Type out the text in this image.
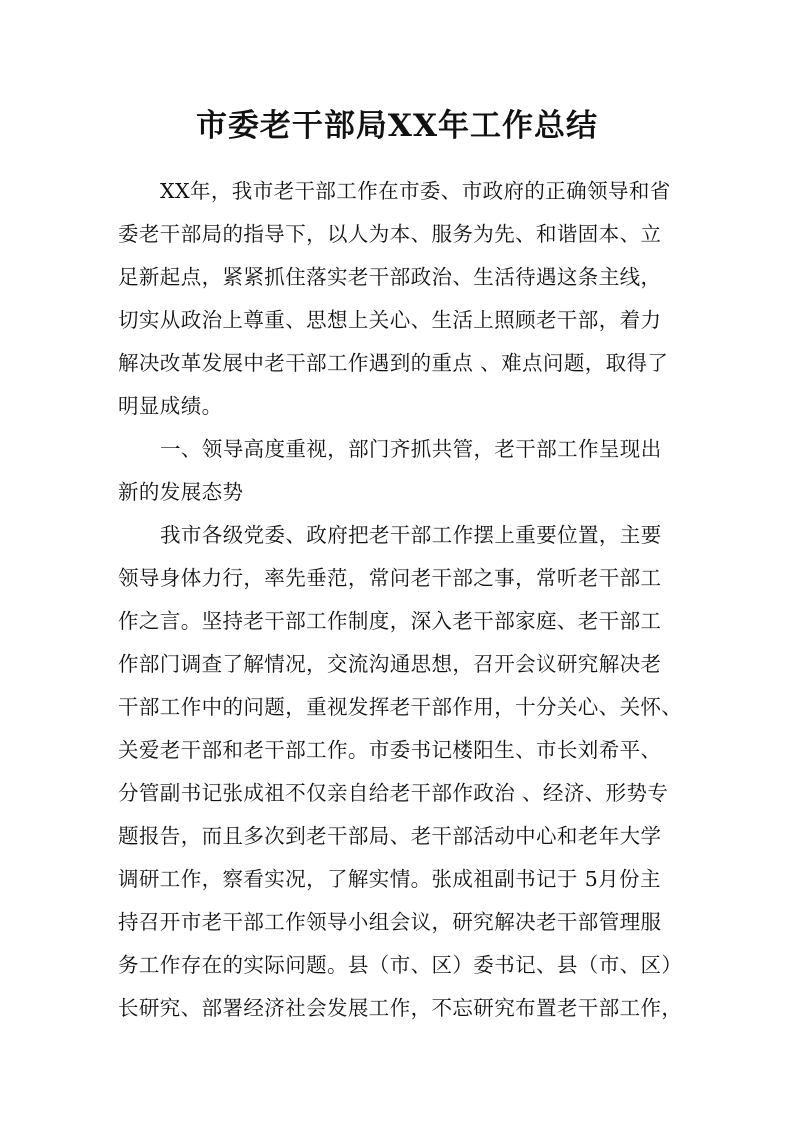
市委老干部局XX年工作总结
XX年，我市老干部工作在市委、市政府的正确领导和省
委老干部局的指导下，以人为本、服务为先、和谐固本、立
足新起点，紧紧抓住落实老干部政治、生活待遇这条主线，
切实从政治上尊重、思想上关心、生活上照顾老干部，着力
解决改革发展中老干部工作遇到的重点 、难点问题，取得了
明显成绩。
一、领导高度重视，部门齐抓共管，老干部工作呈现出
新的发展态势
我市各级党委、政府把老干部工作摆上重要位置，主要
领导身体力行，率先垂范，常问老干部之事，常听老干部工
作之言。坚持老干部工作制度，深入老干部家庭、老干部工
作部门调查了解情况，交流沟通思想，召开会议研究解决老
干部工作中的问题，重视发挥老干部作用，十分关心、关怀、
关爱老干部和老干部工作。市委书记楼阳生、市长刘希平、
分管副书记张成祖不仅亲自给老干部作政治 、经济、形势专
题报告，而且多次到老干部局、老干部活动中心和老年大学
调研工作，察看实况，了解实情。张成祖副书记于 5月份主
持召开市老干部工作领导小组会议，研究解决老干部管理服
务工作存在的实际问题。县（市、区）委书记、县（市、区）
长研究、部署经济社会发展工作，不忘研究布置老干部工作，
